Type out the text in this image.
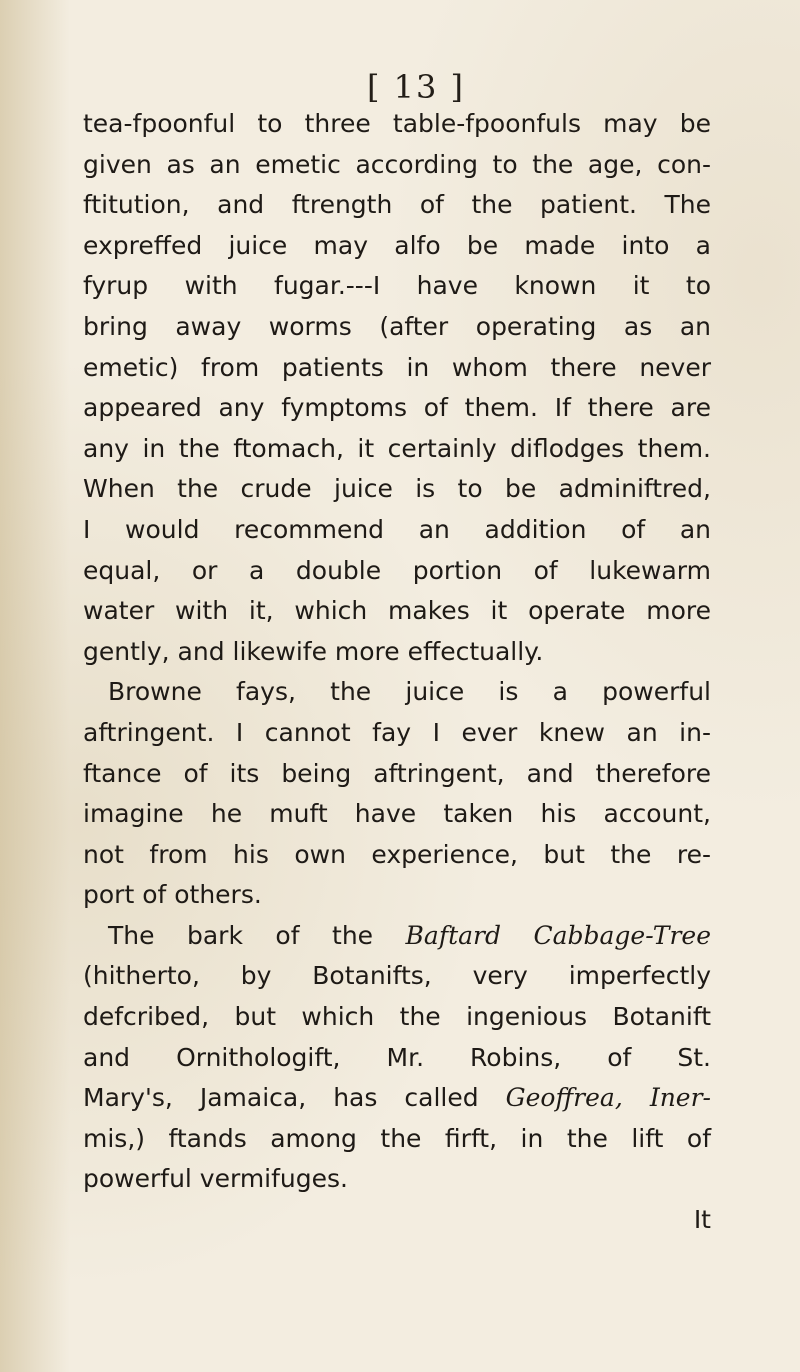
[ 13 ]
tea-fpoonful to three table-fpoonfuls may be
given as an emetic according to the age, con-
ftitution, and ftrength of the patient. The
expreffed juice may alfo be made into a
fyrup with fugar.---I have known it to
bring away worms (after operating as an
emetic) from patients in whom there never
appeared any fymptoms of them. If there are
any in the ftomach, it certainly diflodges them.
When the crude juice is to be adminiftred,
I would recommend an addition of an
equal, or a double portion of lukewarm
water with it, which makes it operate more
gently, and likewife more effectually.
Browne fays, the juice is a powerful
aftringent. I cannot fay I ever knew an in-
ftance of its being aftringent, and therefore
imagine he muft have taken his account,
not from his own experience, but the re-
port of others.
The bark of the Baftard Cabbage-Tree
(hitherto, by Botanifts, very imperfectly
defcribed, but which the ingenious Botanift
and Ornithologift, Mr. Robins, of St.
Mary's, Jamaica, has called Geoffrea, Iner-
mis,) ftands among the firft, in the lift of
powerful vermifuges.
It
